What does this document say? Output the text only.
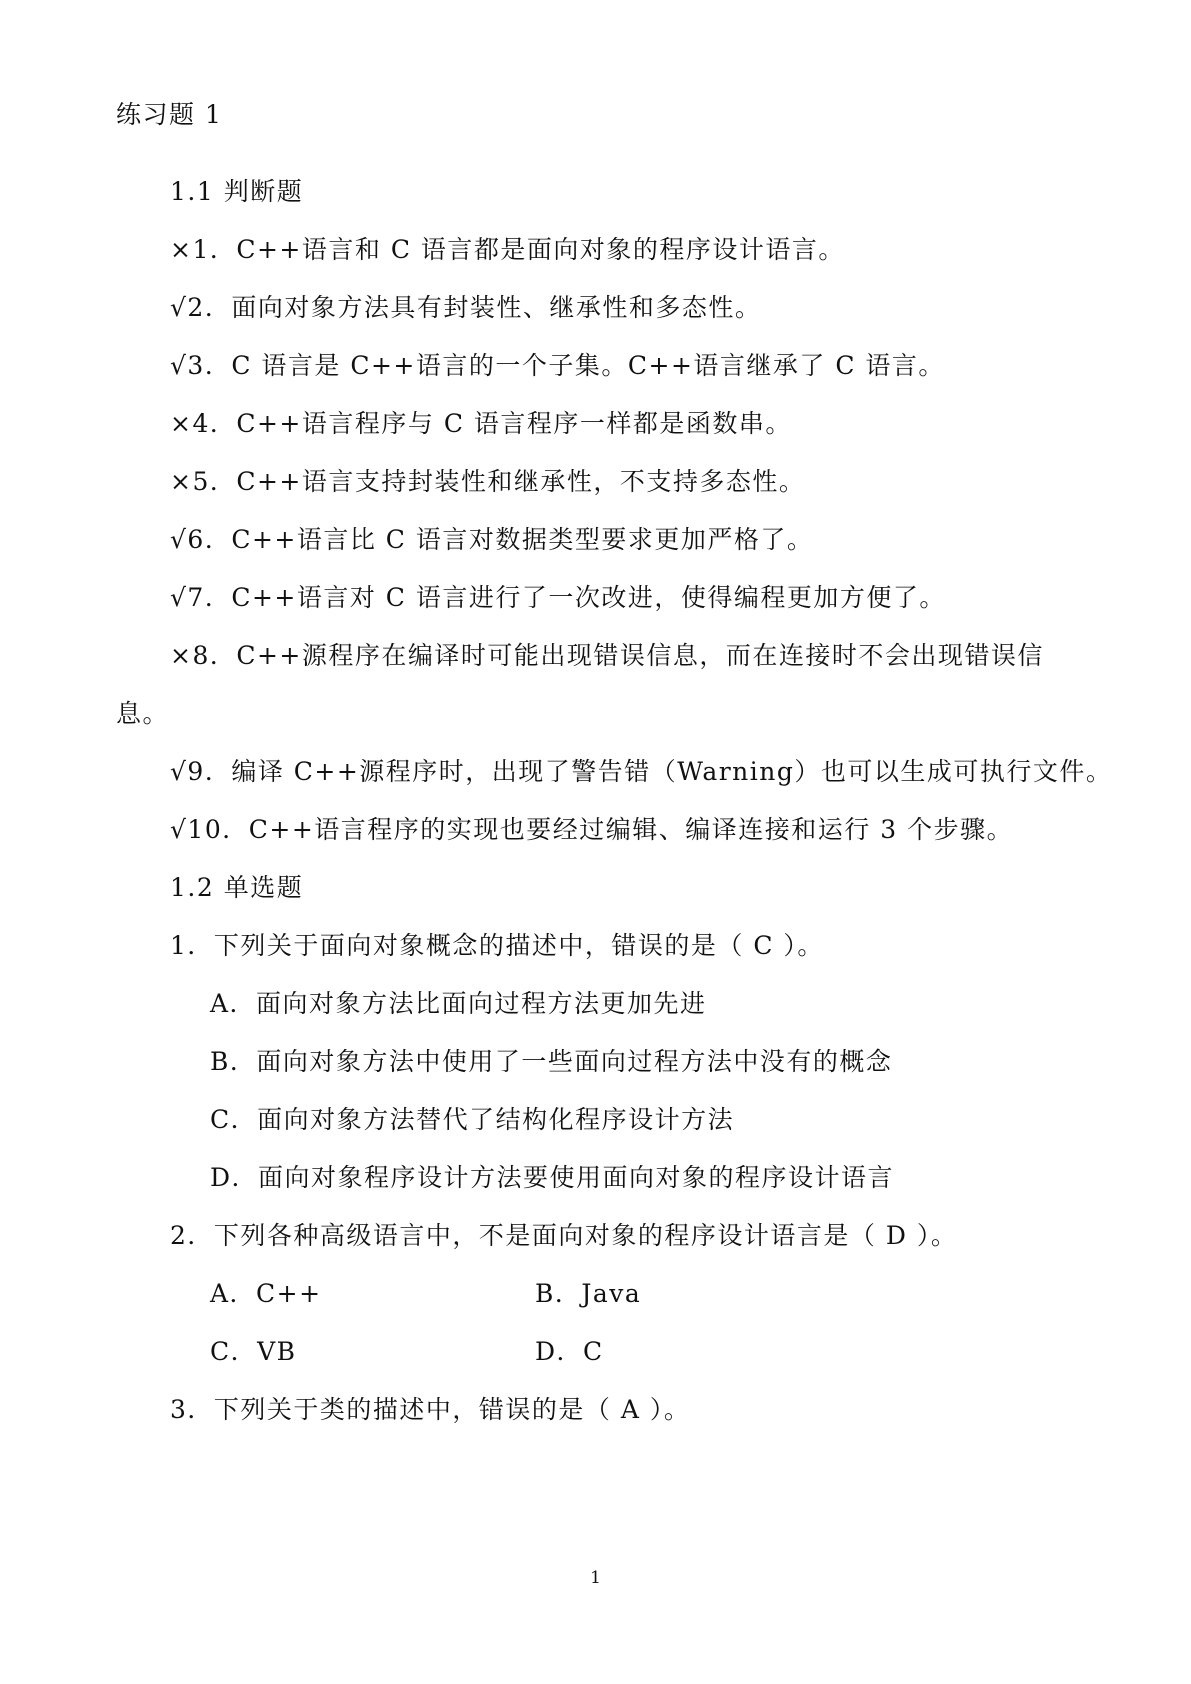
练习题 1
1.1 判断题
×1．C++语言和 C 语言都是面向对象的程序设计语言。
√2．面向对象方法具有封装性、继承性和多态性。
√3．C 语言是 C++语言的一个子集。C++语言继承了 C 语言。
×4．C++语言程序与 C 语言程序一样都是函数串。
×5．C++语言支持封装性和继承性，不支持多态性。
√6．C++语言比 C 语言对数据类型要求更加严格了。
√7．C++语言对 C 语言进行了一次改进，使得编程更加方便了。
×8．C++源程序在编译时可能出现错误信息，而在连接时不会出现错误信
息。
√9．编译 C++源程序时，出现了警告错（Warning）也可以生成可执行文件。
√10．C++语言程序的实现也要经过编辑、编译连接和运行 3 个步骤。
1.2 单选题
1．下列关于面向对象概念的描述中，错误的是（ C ）。
A．面向对象方法比面向过程方法更加先进
B．面向对象方法中使用了一些面向过程方法中没有的概念
C．面向对象方法替代了结构化程序设计方法
D．面向对象程序设计方法要使用面向对象的程序设计语言
2．下列各种高级语言中，不是面向对象的程序设计语言是（ D ）。
A．C++	B．Java
C．VB	D．C
3．下列关于类的描述中，错误的是（ A ）。
1
